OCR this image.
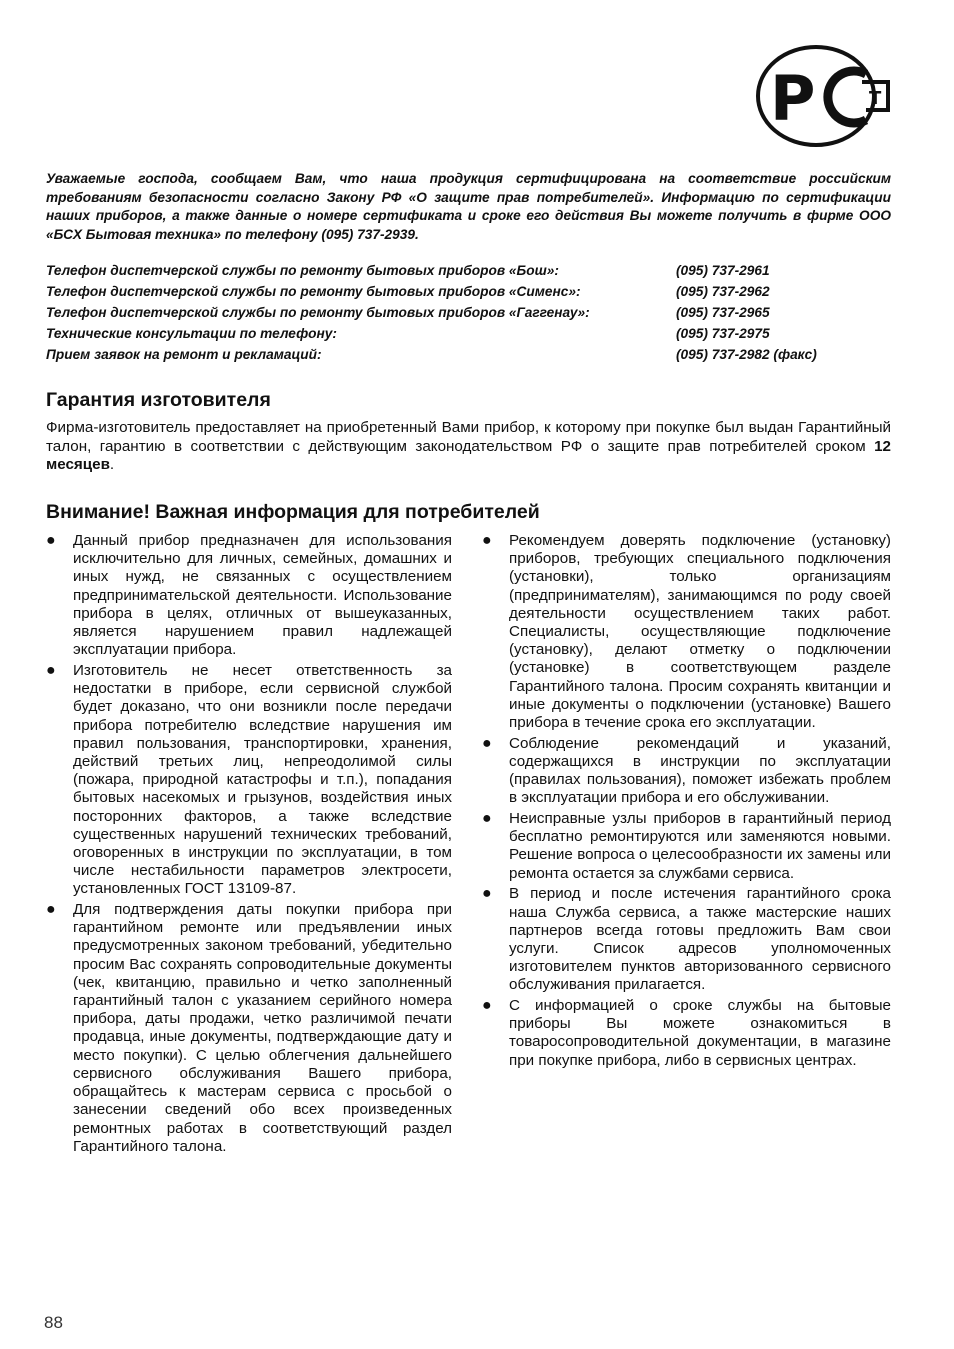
Р	Т

Уважаемые господа, сообщаем Вам, что наша продукция сертифицирована на соответствие российским требованиям безопасности согласно Закону РФ «О защите прав потребителей». Информацию по сертификации наших приборов, а также данные о номере сертификата и сроке его действия Вы можете получить в фирме ООО «БСХ Бытовая техника» по телефону (095) 737-2939.

Телефон диспетчерской службы по ремонту бытовых приборов «Бош»:	(095) 737-2961
Телефон диспетчерской службы по ремонту бытовых приборов «Сименс»:	(095) 737-2962
Телефон диспетчерской службы по ремонту бытовых приборов «Гаггенау»:	(095) 737-2965
Технические консультации по телефону:	(095) 737-2975
Прием заявок на ремонт и рекламаций:	(095) 737-2982 (факс)
Гарантия изготовителя

Фирма-изготовитель предоставляет на приобретенный Вами прибор, к которому при покупке был выдан Гарантийный талон, гарантию в соответствии с действующим законодательством РФ о защите прав потребителей сроком 12 месяцев.

Внимание! Важная информация для потребителей
● Данный прибор предназначен для использования исключительно для личных, семейных, домашних и иных нужд, не связанных с осуществлением предпринимательской деятельности. Использование прибора в целях, отличных от вышеуказанных, является нарушением правил надлежащей эксплуатации прибора.
● Изготовитель не несет ответственность за недостатки в приборе, если сервисной службой будет доказано, что они возникли после передачи прибора потребителю вследствие нарушения им правил пользования, транспортировки, хранения, действий третьих лиц, непреодолимой силы (пожара, природной катастрофы и т.п.), попадания бытовых насекомых и грызунов, воздействия иных посторонних факторов, а также вследствие существенных нарушений технических требований, оговоренных в инструкции по эксплуатации, в том числе нестабильности параметров электросети, установленных ГОСТ 13109-87.
● Для подтверждения даты покупки прибора при гарантийном ремонте или предъявлении иных предусмотренных законом требований, убедительно просим Вас сохранять сопроводительные документы (чек, квитанцию, правильно и четко заполненный гарантийный талон с указанием серийного номера прибора, даты продажи, четко различимой печати продавца, иные документы, подтверждающие дату и место покупки). С целью облегчения дальнейшего сервисного обслуживания Вашего прибора, обращайтесь к мастерам сервиса с просьбой о занесении сведений обо всех произведенных ремонтных работах в соответствующий раздел Гарантийного талона.
● Рекомендуем доверять подключение (установку) приборов, требующих специального подключения (установки), только организациям (предпринимателям), занимающимся по роду своей деятельности осуществлением таких работ. Специалисты, осуществляющие подключение (установку), делают отметку о подключении (установке) в соответствующем разделе Гарантийного талона. Просим сохранять квитанции и иные документы о подключении (установке) Вашего прибора в течение срока его эксплуатации.
● Соблюдение рекомендаций и указаний, содержащихся в инструкции по эксплуатации (правилах пользования), поможет избежать проблем в эксплуатации прибора и его обслуживании.
● Неисправные узлы приборов в гарантийный период бесплатно ремонтируются или заменяются новыми. Решение вопроса о целесообразности их замены или ремонта остается за службами сервиса.
● В период и после истечения гарантийного срока наша Служба сервиса, а также мастерские наших партнеров всегда готовы предложить Вам свои услуги. Список адресов уполномоченных изготовителем пунктов авторизованного сервисного обслуживания прилагается.
● С информацией о сроке службы на бытовые приборы Вы можете ознакомиться в товаросопроводительной документации, в магазине при покупке прибора, либо в сервисных центрах.
88
